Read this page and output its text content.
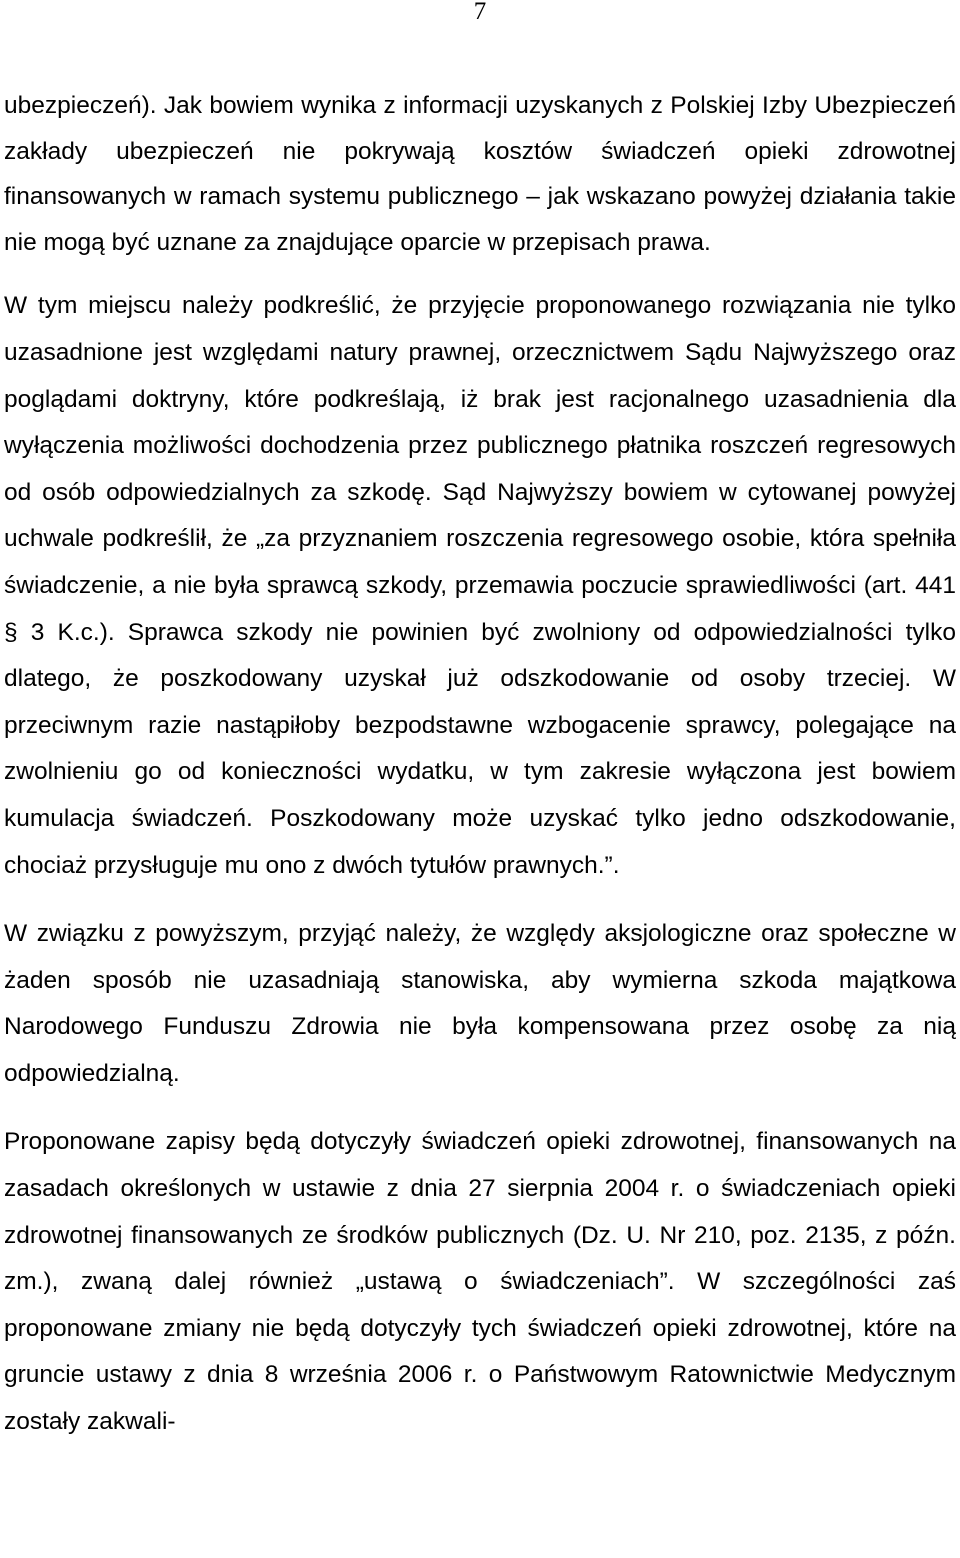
7

ubezpieczeń). Jak bowiem wynika z informacji uzyskanych z Polskiej Izby Ubezpieczeń zakłady ubezpieczeń nie pokrywają kosztów świadczeń opieki zdrowotnej finansowanych w ramach systemu publicznego – jak wskazano powyżej działania takie nie mogą być uznane za znajdujące oparcie w przepisach prawa.

W tym miejscu należy podkreślić, że przyjęcie proponowanego rozwiązania nie tylko uzasadnione jest względami natury prawnej, orzecznictwem Sądu Najwyższego oraz poglądami doktryny, które podkreślają, iż brak jest racjonalnego uzasadnienia dla wyłączenia możliwości dochodzenia przez publicznego płatnika roszczeń regresowych od osób odpowiedzialnych za szkodę. Sąd Najwyższy bowiem w cytowanej powyżej uchwale podkreślił, że „za przyznaniem roszczenia regresowego osobie, która spełniła świadczenie, a nie była sprawcą szkody, przemawia poczucie sprawiedliwości (art. 441 § 3 K.c.). Sprawca szkody nie powinien być zwolniony od odpowiedzialności tylko dlatego, że poszkodowany uzyskał już odszkodowanie od osoby trzeciej. W przeciwnym razie nastąpiłoby bezpodstawne wzbogacenie sprawcy, polegające na zwolnieniu go od konieczności wydatku, w tym zakresie wyłączona jest bowiem kumulacja świadczeń. Poszkodowany może uzyskać tylko jedno odszkodowanie, chociaż przysługuje mu ono z dwóch tytułów prawnych.”.

W związku z powyższym, przyjąć należy, że względy aksjologiczne oraz społeczne w żaden sposób nie uzasadniają stanowiska, aby wymierna szkoda majątkowa Narodowego Funduszu Zdrowia nie była kompensowana przez osobę za nią odpowiedzialną.

Proponowane zapisy będą dotyczyły świadczeń opieki zdrowotnej, finansowanych na zasadach określonych w ustawie z dnia 27 sierpnia 2004 r. o świadczeniach opieki zdrowotnej finansowanych ze środków publicznych (Dz. U. Nr 210, poz. 2135, z późn. zm.), zwaną dalej również „ustawą o świadczeniach”. W szczególności zaś proponowane zmiany nie będą dotyczyły tych świadczeń opieki zdrowotnej, które na gruncie ustawy z dnia 8 września 2006 r. o Państwowym Ratownictwie Medycznym zostały zakwali-
